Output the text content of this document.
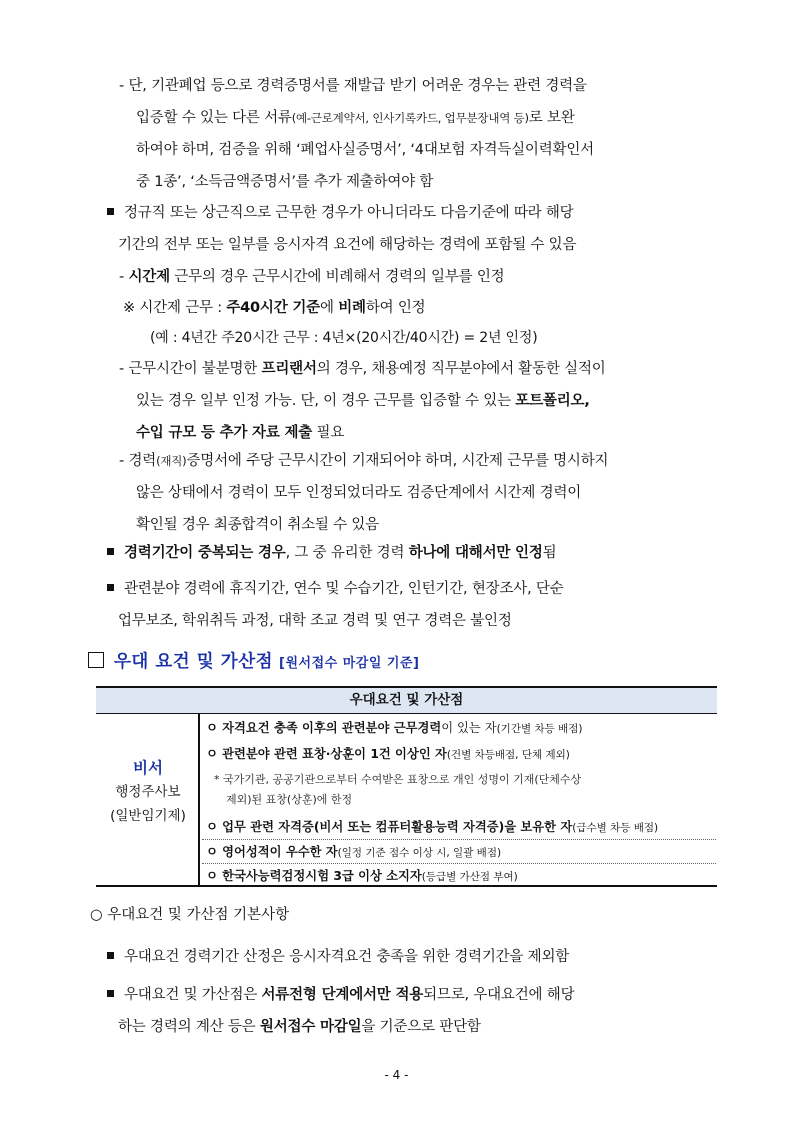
- 단, 기관폐업 등으로 경력증명서를 재발급 받기 어려운 경우는 관련 경력을
입증할 수 있는 다른 서류(예-근로계약서, 인사기록카드, 업무분장내역 등)로 보완
하여야 하며, 검증을 위해 ‘폐업사실증명서’, ‘4대보험 자격득실이력확인서
중 1종’, ‘소득금액증명서’를 추가 제출하여야 함
정규직 또는 상근직으로 근무한 경우가 아니더라도 다음기준에 따라 해당
기간의 전부 또는 일부를 응시자격 요건에 해당하는 경력에 포함될 수 있음
- 시간제 근무의 경우 근무시간에 비례해서 경력의 일부를 인정
※ 시간제 근무 : 주40시간 기준에 비례하여 인정
(예 : 4년간 주20시간 근무 : 4년×(20시간/40시간) = 2년 인정)
- 근무시간이 불분명한 프리랜서의 경우, 채용예정 직무분야에서 활동한 실적이
있는 경우 일부 인정 가능. 단, 이 경우 근무를 입증할 수 있는 포트폴리오,
수입 규모 등 추가 자료 제출 필요
- 경력(재직)증명서에 주당 근무시간이 기재되어야 하며, 시간제 근무를 명시하지
않은 상태에서 경력이 모두 인정되었더라도 검증단계에서 시간제 경력이
확인될 경우 최종합격이 취소될 수 있음
경력기간이 중복되는 경우, 그 중 유리한 경력 하나에 대해서만 인정됨
관련분야 경력에 휴직기간, 연수 및 수습기간, 인턴기간, 현장조사, 단순
업무보조, 학위취득 과정, 대학 조교 경력 및 연구 경력은 불인정
우대 요건 및 가산점 [원서접수 마감일 기준]
우대요건 및 가산점
비서
행정주사보
(일반임기제)
ㅇ 자격요건 충족 이후의 관련분야 근무경력이 있는 자(기간별 차등 배점)
ㅇ 관련분야 관련 표창·상훈이 1건 이상인 자(건별 차등배점, 단체 제외)
* 국가기관, 공공기관으로부터 수여받은 표창으로 개인 성명이 기재(단체수상
제외)된 표창(상훈)에 한정
ㅇ 업무 관련 자격증(비서 또는 컴퓨터활용능력 자격증)을 보유한 자(급수별 차등 배점)
ㅇ 영어성적이 우수한 자(일정 기준 점수 이상 시, 일괄 배점)
ㅇ 한국사능력검정시험 3급 이상 소지자(등급별 가산점 부여)
○ 우대요건 및 가산점 기본사항
우대요건 경력기간 산정은 응시자격요건 충족을 위한 경력기간을 제외함
우대요건 및 가산점은 서류전형 단계에서만 적용되므로, 우대요건에 해당
하는 경력의 계산 등은 원서접수 마감일을 기준으로 판단함
- 4 -
